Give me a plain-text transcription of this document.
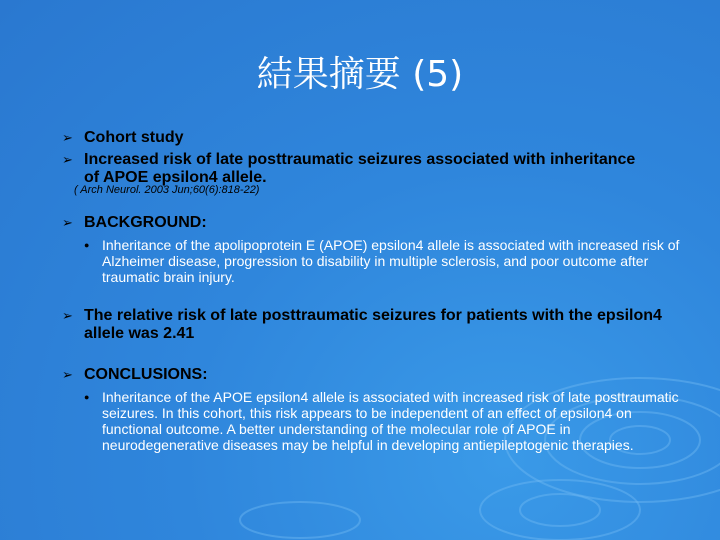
結果摘要 (5)
➢ Cohort study
➢ Increased risk of late posttraumatic seizures associated with inheritance of APOE epsilon4 allele.
( Arch Neurol. 2003 Jun;60(6):818-22)
➢ BACKGROUND:
● Inheritance of the apolipoprotein E (APOE) epsilon4 allele is associated with increased risk of Alzheimer disease, progression to disability in multiple sclerosis, and poor outcome after traumatic brain injury.
➢ The relative risk of late posttraumatic seizures for patients with the epsilon4 allele was 2.41
➢ CONCLUSIONS:
● Inheritance of the APOE epsilon4 allele is associated with increased risk of late posttraumatic seizures. In this cohort, this risk appears to be independent of an effect of epsilon4 on functional outcome. A better understanding of the molecular role of APOE in neurodegenerative diseases may be helpful in developing antiepileptogenic therapies.
